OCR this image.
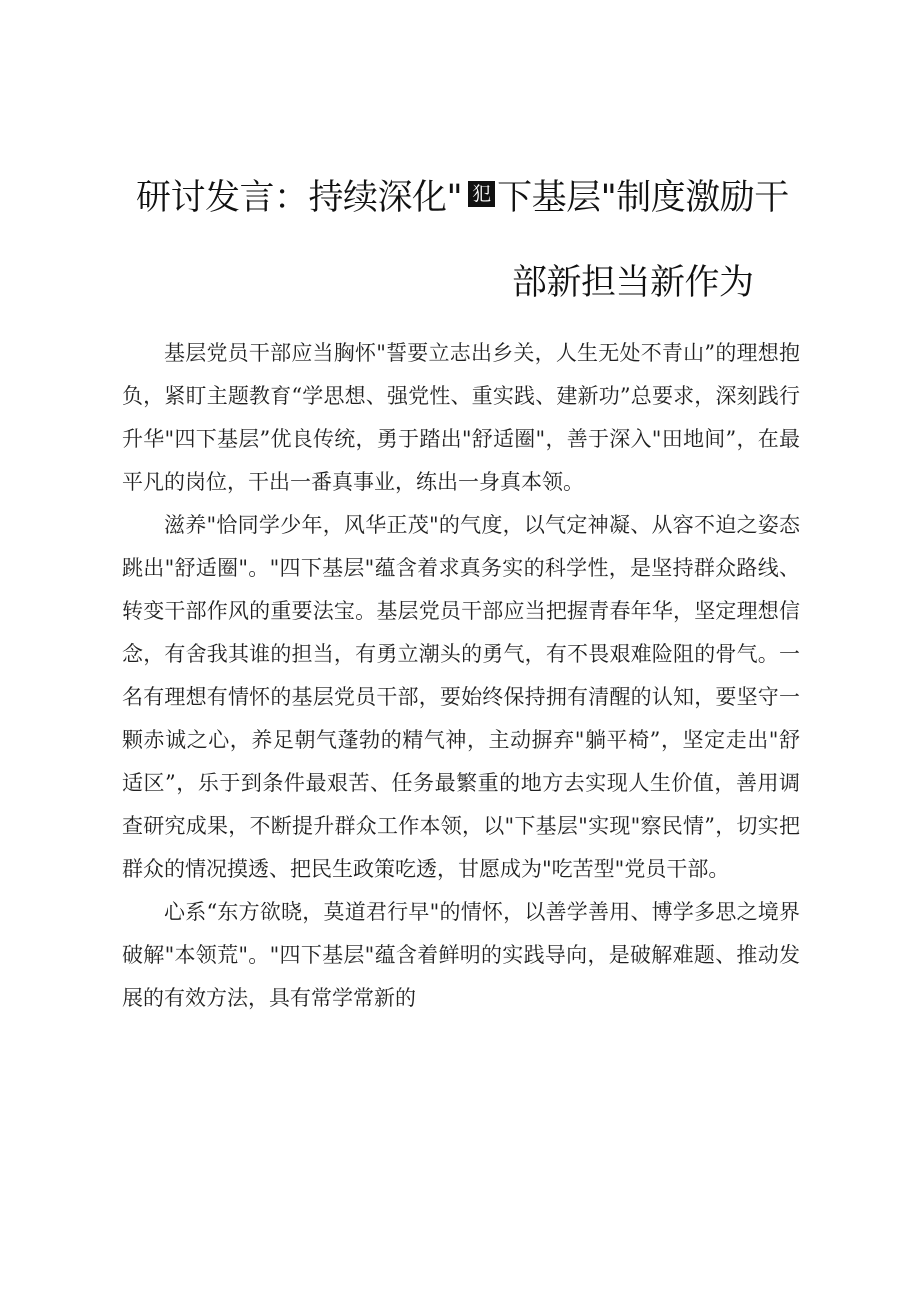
研讨发言：持续深化" 犯 下基层"制度激励干
部新担当新作为

基层党员干部应当胸怀"誓要立志出乡关，人生无处不青山”的理想抱负，紧盯主题教育“学思想、强党性、重实践、建新功”总要求，深刻践行升华"四下基层”优良传统，勇于踏出"舒适圈"，善于深入"田地间”，在最平凡的岗位，干出一番真事业，练出一身真本领。

滋养"恰同学少年，风华正茂"的气度，以气定神凝、从容不迫之姿态跳出"舒适圈"。"四下基层"蕴含着求真务实的科学性，是坚持群众路线、转变干部作风的重要法宝。基层党员干部应当把握青春年华，坚定理想信念，有舍我其谁的担当，有勇立潮头的勇气，有不畏艰难险阻的骨气。一名有理想有情怀的基层党员干部，要始终保持拥有清醒的认知，要坚守一颗赤诚之心，养足朝气蓬勃的精气神，主动摒弃"躺平椅”，坚定走出"舒适区”，乐于到条件最艰苦、任务最繁重的地方去实现人生价值，善用调查研究成果，不断提升群众工作本领，以"下基层"实现"察民情”，切实把群众的情况摸透、把民生政策吃透，甘愿成为"吃苦型"党员干部。

心系“东方欲晓，莫道君行早"的情怀，以善学善用、博学多思之境界破解"本领荒"。"四下基层"蕴含着鲜明的实践导向，是破解难题、推动发展的有效方法，具有常学常新的
